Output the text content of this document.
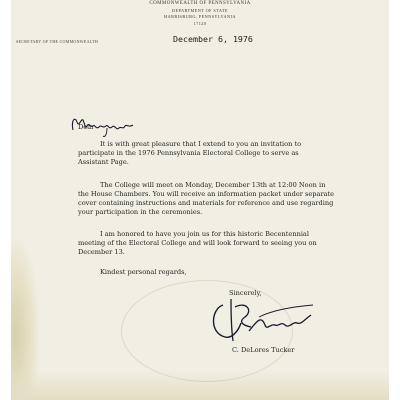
COMMONWEALTH OF PENNSYLVANIA
DEPARTMENT OF STATE
HARRISBURG, PENNSYLVANIA
17120
SECRETARY OF THE COMMONWEALTH	December 6, 1976
Dear
It is with great pleasure that I extend to you an invitation to
participate in the 1976 Pennsylvania Electoral College to serve as
Assistant Page.
The College will meet on Monday, December 13th at 12:00 Noon in
the House Chambers. You will receive an information packet under separate
cover containing instructions and materials for reference and use regarding
your participation in the ceremonies.
I am honored to have you join us for this historic Becentennial
meeting of the Electoral College and will look forward to seeing you on
December 13.
Kindest personal regards,
Sincerely,
C. DeLores Tucker
